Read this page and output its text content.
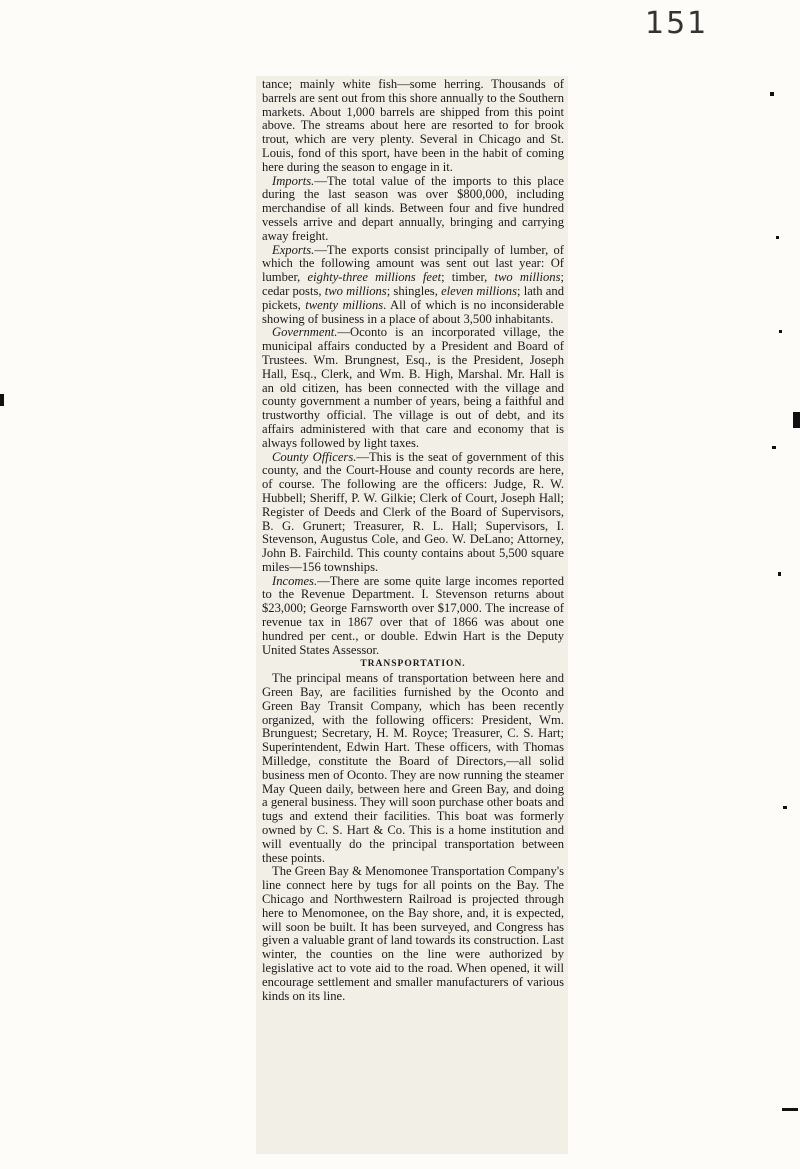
151

tance; mainly white fish—some herring. Thousands of barrels are sent out from this shore annually to the Southern markets. About 1,000 barrels are shipped from this point above. The streams about here are resorted to for brook trout, which are very plenty. Several in Chicago and St. Louis, fond of this sport, have been in the habit of coming here during the season to engage in it.

Imports.—The total value of the imports to this place during the last season was over $800,000, including merchandise of all kinds. Between four and five hundred vessels arrive and depart annually, bringing and carrying away freight.

Exports.—The exports consist principally of lumber, of which the following amount was sent out last year: Of lumber, eighty-three millions feet; timber, two millions; cedar posts, two millions; shingles, eleven millions; lath and pickets, twenty millions. All of which is no inconsiderable showing of business in a place of about 3,500 inhabitants.

Government.—Oconto is an incorporated village, the municipal affairs conducted by a President and Board of Trustees. Wm. Brungnest, Esq., is the President, Joseph Hall, Esq., Clerk, and Wm. B. High, Marshal. Mr. Hall is an old citizen, has been connected with the village and county government a number of years, being a faithful and trustworthy official. The village is out of debt, and its affairs administered with that care and economy that is always followed by light taxes.

County Officers.—This is the seat of government of this county, and the Court-House and county records are here, of course. The following are the officers: Judge, R. W. Hubbell; Sheriff, P. W. Gilkie; Clerk of Court, Joseph Hall; Register of Deeds and Clerk of the Board of Supervisors, B. G. Grunert; Treasurer, R. L. Hall; Supervisors, I. Stevenson, Augustus Cole, and Geo. W. DeLano; Attorney, John B. Fairchild. This county contains about 5,500 square miles—156 townships.

Incomes.—There are some quite large incomes reported to the Revenue Department. I. Stevenson returns about $23,000; George Farnsworth over $17,000. The increase of revenue tax in 1867 over that of 1866 was about one hundred per cent., or double. Edwin Hart is the Deputy United States Assessor.

TRANSPORTATION.

The principal means of transportation between here and Green Bay, are facilities furnished by the Oconto and Green Bay Transit Company, which has been recently organized, with the following officers: President, Wm. Brunguest; Secretary, H. M. Royce; Treasurer, C. S. Hart; Superintendent, Edwin Hart. These officers, with Thomas Milledge, constitute the Board of Directors,—all solid business men of Oconto. They are now running the steamer May Queen daily, between here and Green Bay, and doing a general business. They will soon purchase other boats and tugs and extend their facilities. This boat was formerly owned by C. S. Hart & Co. This is a home institution and will eventually do the principal transportation between these points.

The Green Bay & Menomonee Transportation Company's line connect here by tugs for all points on the Bay. The Chicago and Northwestern Railroad is projected through here to Menomonee, on the Bay shore, and, it is expected, will soon be built. It has been surveyed, and Congress has given a valuable grant of land towards its construction. Last winter, the counties on the line were authorized by legislative act to vote aid to the road. When opened, it will encourage settlement and smaller manufacturers of various kinds on its line.
